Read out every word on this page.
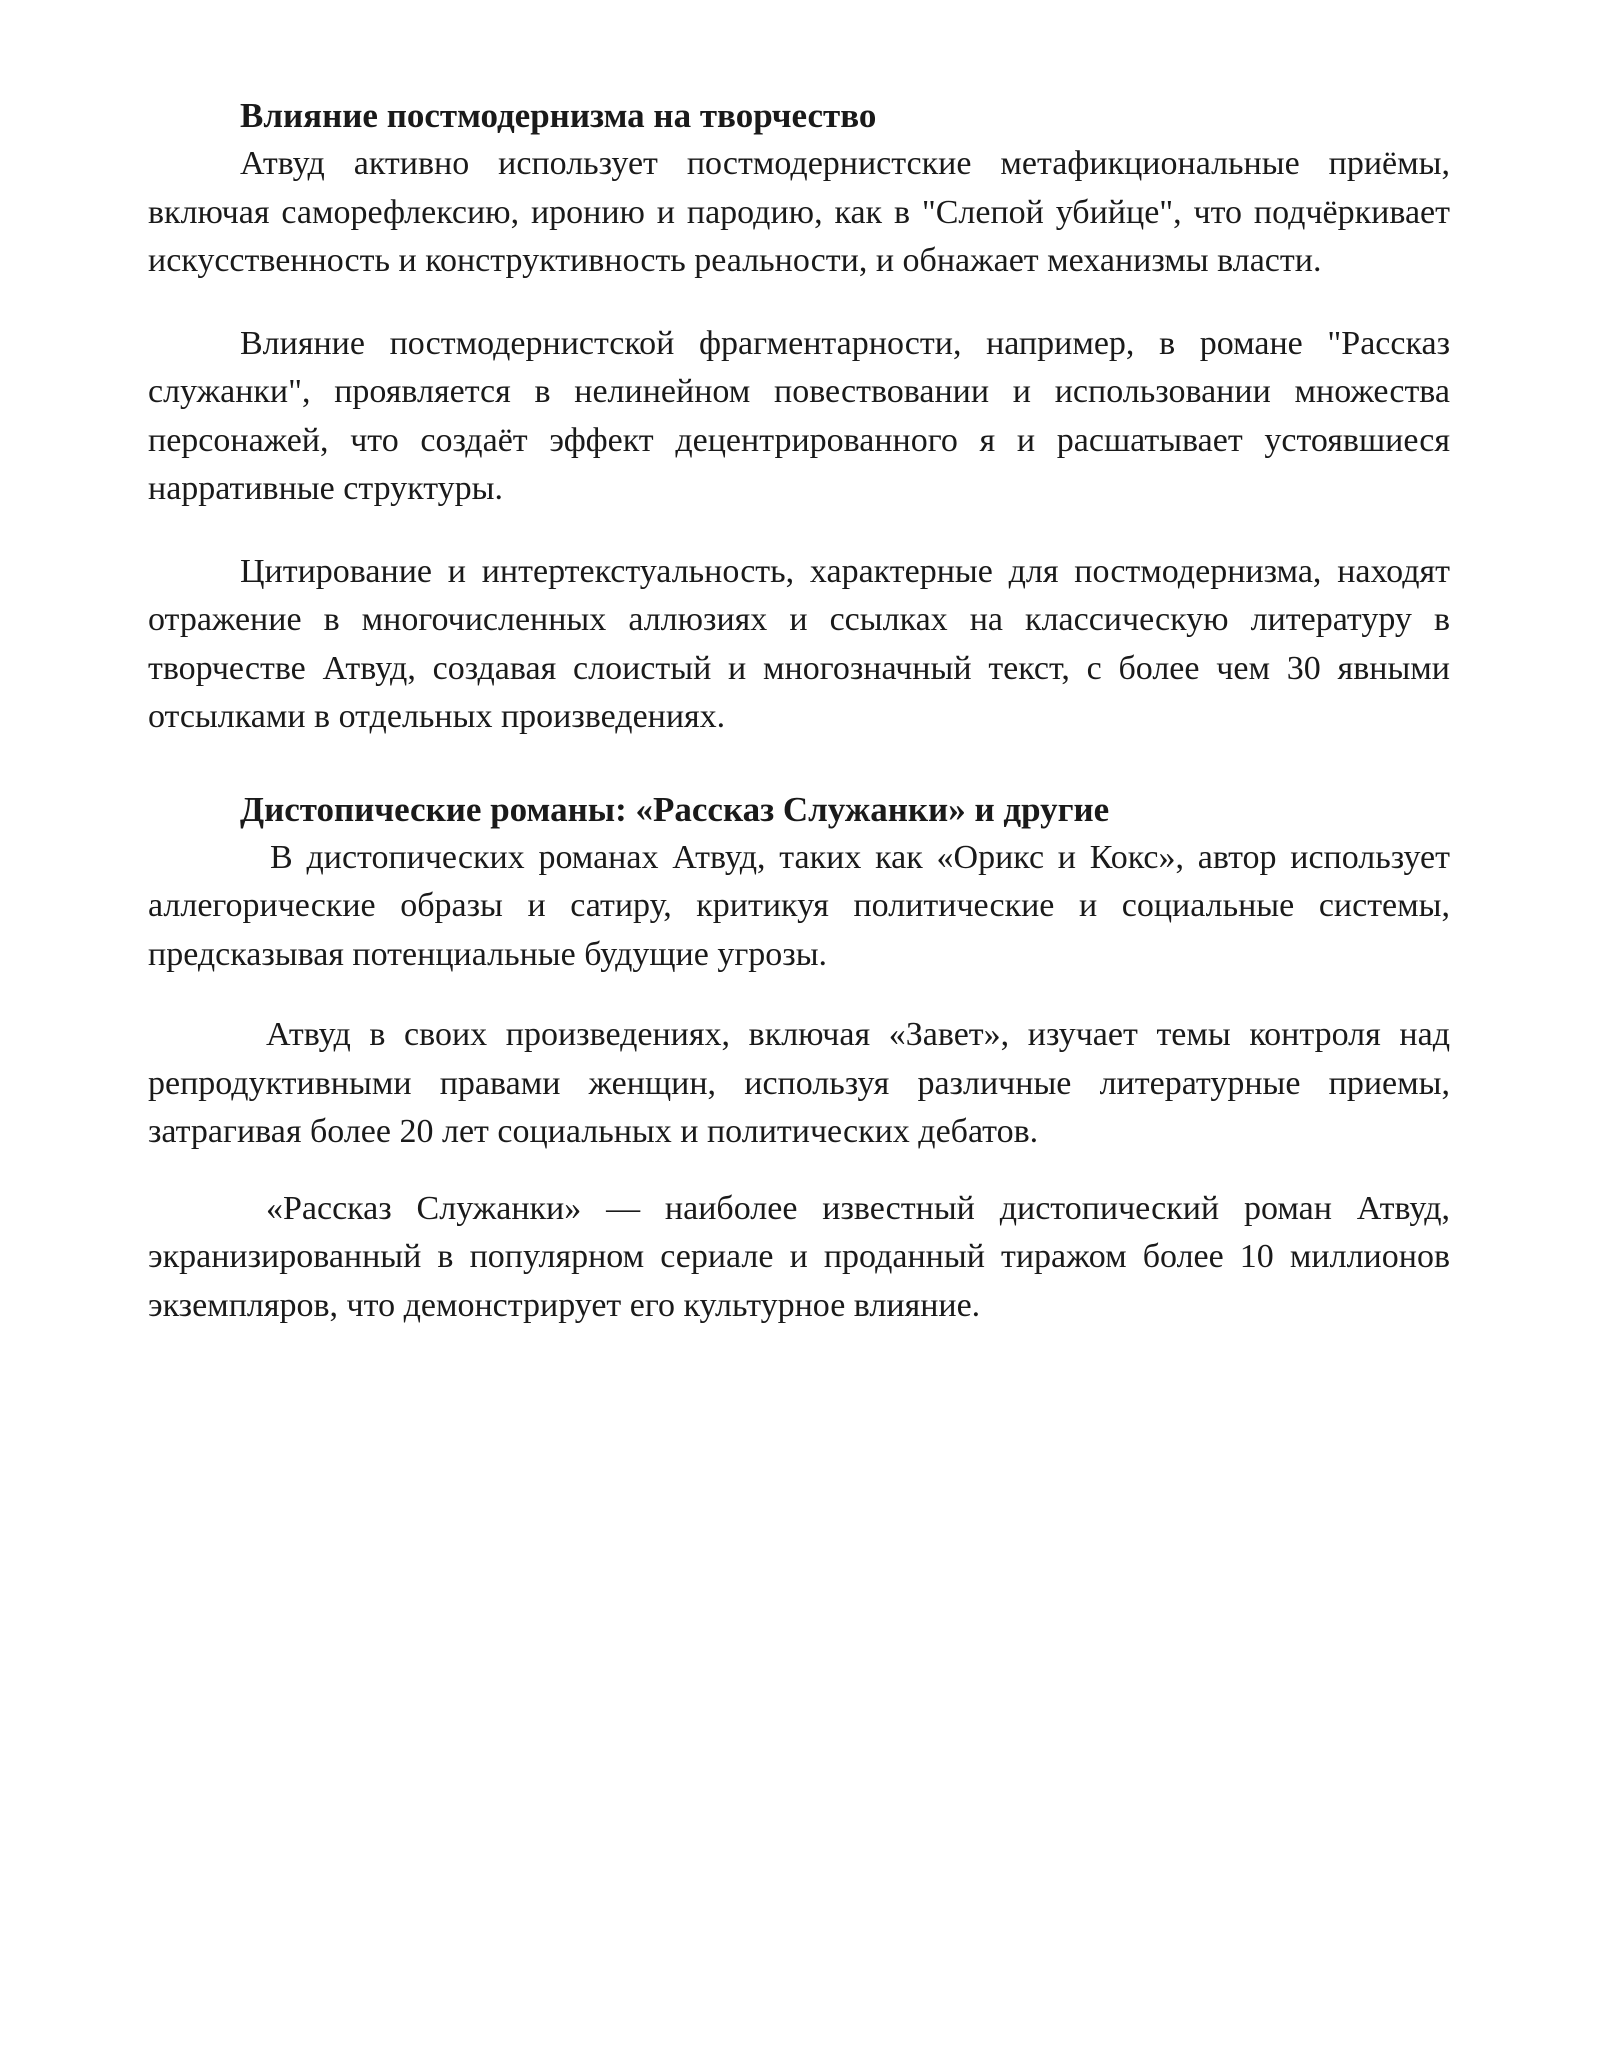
Влияние постмодернизма на творчество

Атвуд активно использует постмодернистские метафикциональные приёмы, включая саморефлексию, иронию и пародию, как в "Слепой убийце", что подчёркивает искусственность и конструктивность реальности, и обнажает механизмы власти.

Влияние постмодернистской фрагментарности, например, в романе "Рассказ служанки", проявляется в нелинейном повествовании и использовании множества персонажей, что создаёт эффект децентрированного я и расшатывает устоявшиеся нарративные структуры.

Цитирование и интертекстуальность, характерные для постмодернизма, находят отражение в многочисленных аллюзиях и ссылках на классическую литературу в творчестве Атвуд, создавая слоистый и многозначный текст, с более чем 30 явными отсылками в отдельных произведениях.

Дистопические романы: «Рассказ Служанки» и другие

В дистопических романах Атвуд, таких как «Орикс и Кокс», автор использует аллегорические образы и сатиру, критикуя политические и социальные системы, предсказывая потенциальные будущие угрозы.

Атвуд в своих произведениях, включая «Завет», изучает темы контроля над репродуктивными правами женщин, используя различные литературные приемы, затрагивая более 20 лет социальных и политических дебатов.

«Рассказ Служанки» — наиболее известный дистопический роман Атвуд, экранизированный в популярном сериале и проданный тиражом более 10 миллионов экземпляров, что демонстрирует его культурное влияние.
